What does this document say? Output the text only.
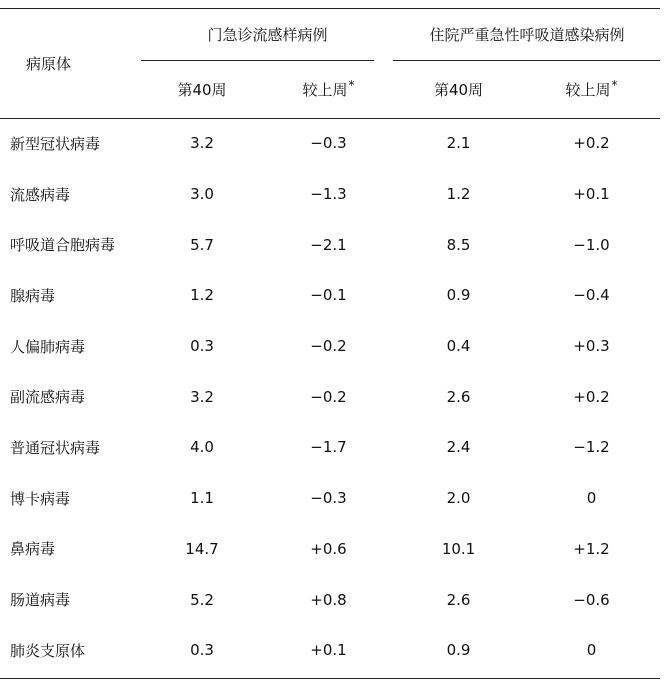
病原体	门急诊流感样病例		住院严重急性呼吸道感染病例	
	第40周	较上周*	第40周	较上周*
新型冠状病毒	3.2	−0.3	2.1	+0.2
流感病毒	3.0	−1.3	1.2	+0.1
呼吸道合胞病毒	5.7	−2.1	8.5	−1.0
腺病毒	1.2	−0.1	0.9	−0.4
人偏肺病毒	0.3	−0.2	0.4	+0.3
副流感病毒	3.2	−0.2	2.6	+0.2
普通冠状病毒	4.0	−1.7	2.4	−1.2
博卡病毒	1.1	−0.3	2.0	0
鼻病毒	14.7	+0.6	10.1	+1.2
肠道病毒	5.2	+0.8	2.6	−0.6
肺炎支原体	0.3	+0.1	0.9	0
